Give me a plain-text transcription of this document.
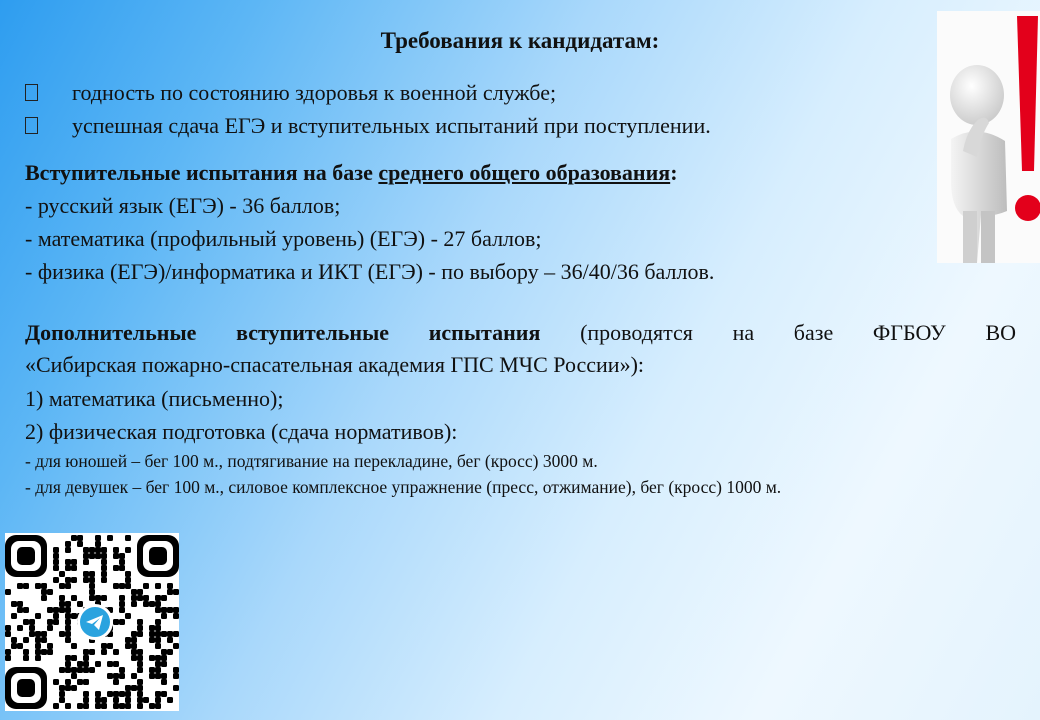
Требования к кандидатам:
годность по состоянию здоровья к военной службе;
успешная сдача ЕГЭ и вступительных испытаний при поступлении.
Вступительные испытания на базе среднего общего образования:
- русский язык (ЕГЭ) - 36 баллов;
- математика (профильный уровень) (ЕГЭ) - 27 баллов;
- физика (ЕГЭ)/информатика и ИКТ (ЕГЭ) - по выбору – 36/40/36 баллов.
Дополнительные вступительные испытания (проводятся на базе ФГБОУ ВО
«Сибирская пожарно-спасательная академия ГПС МЧС России»):
1) математика (письменно);
2) физическая подготовка (сдача нормативов):
- для юношей – бег 100 м., подтягивание на перекладине, бег (кросс) 3000 м.
- для девушек – бег 100 м., силовое комплексное упражнение (пресс, отжимание), бег (кросс) 1000 м.
